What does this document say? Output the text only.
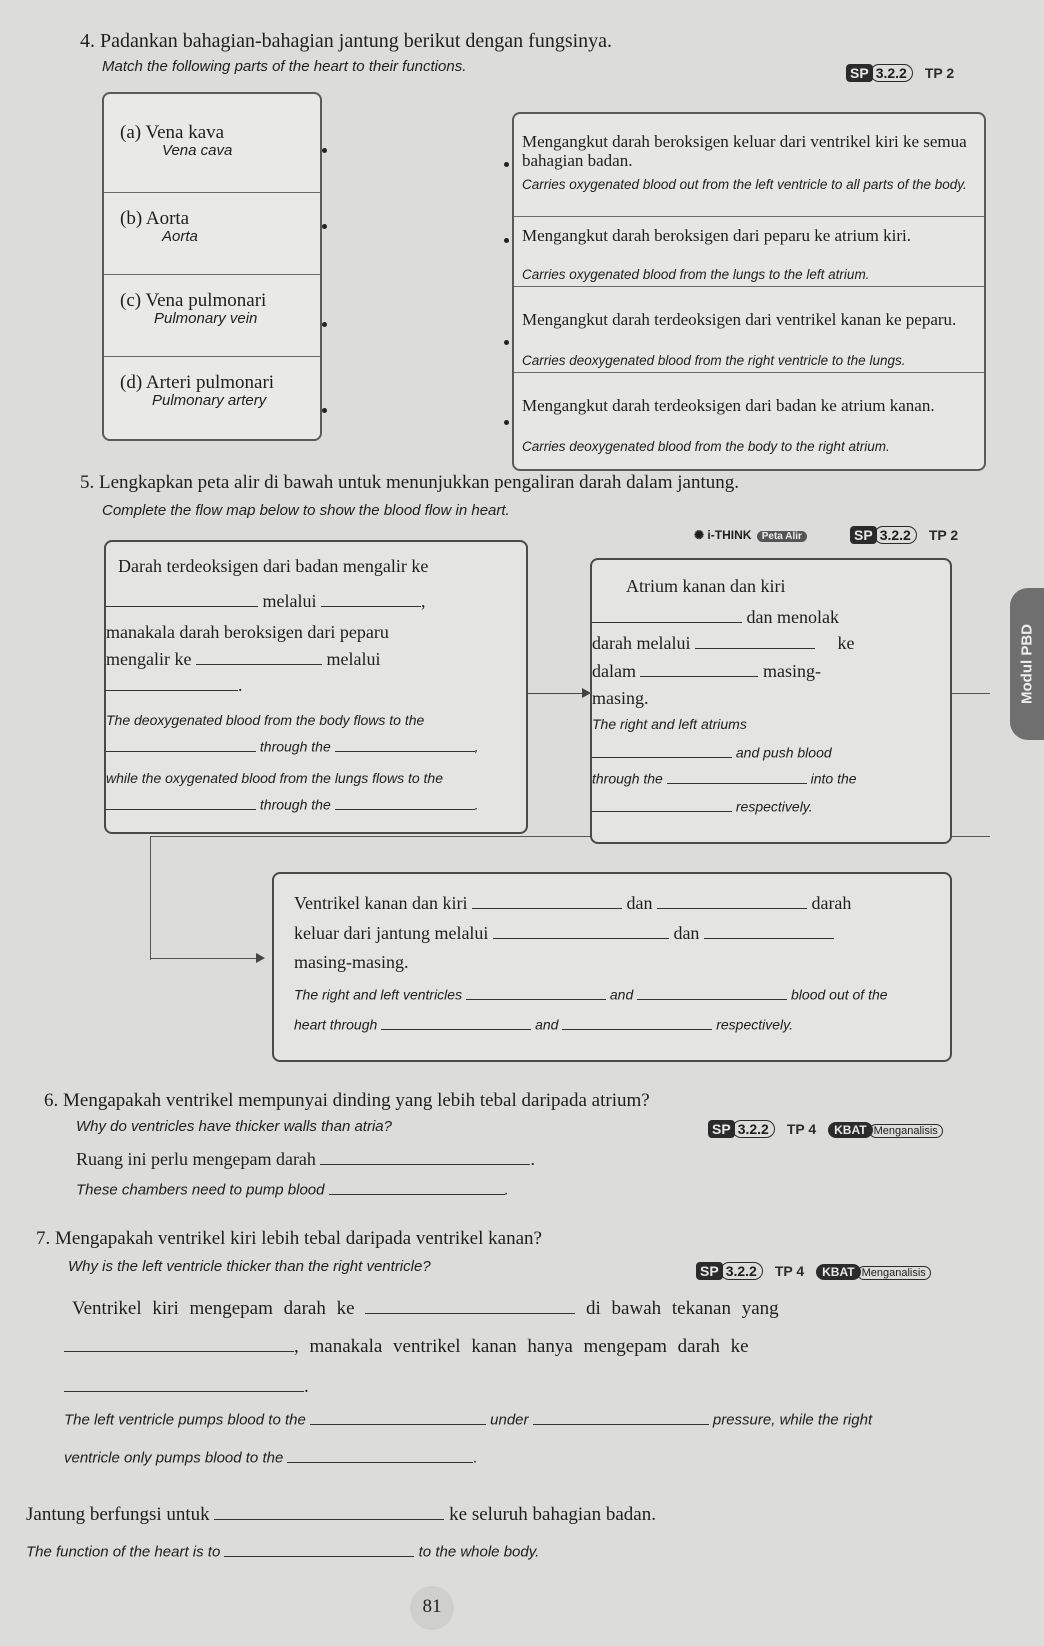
4. Padankan bahagian-bahagian jantung berikut dengan fungsinya.
Match the following parts of the heart to their functions.	SP 3.2.2 TP 2
(a) Vena kava
Vena cava
(b) Aorta
Aorta
(c) Vena pulmonari
Pulmonary vein
(d) Arteri pulmonari
Pulmonary artery
Mengangkut darah beroksigen keluar dari ventrikel kiri ke semua bahagian badan.
Carries oxygenated blood out from the left ventricle to all parts of the body.
Mengangkut darah beroksigen dari peparu ke atrium kiri.
Carries oxygenated blood from the lungs to the left atrium.
Mengangkut darah terdeoksigen dari ventrikel kanan ke peparu.
Carries deoxygenated blood from the right ventricle to the lungs.
Mengangkut darah terdeoksigen dari badan ke atrium kanan.
Carries deoxygenated blood from the body to the right atrium.
5. Lengkapkan peta alir di bawah untuk menunjukkan pengaliran darah dalam jantung.
Complete the flow map below to show the blood flow in heart.
✺ i-THINK Peta Alir	SP 3.2.2 TP 2
Darah terdeoksigen dari badan mengalir ke
melalui	,
manakala darah beroksigen dari peparu
mengalir ke	melalui
.
The deoxygenated blood from the body flows to the
through the	,
while the oxygenated blood from the lungs flows to the
through the	.
Atrium kanan dan kiri
dan menolak
darah melalui	ke
dalam	masing-
masing.
The right and left atriums
and push blood
through the	into the
respectively.
Ventrikel kanan dan kiri	dan	darah
keluar dari jantung melalui	dan
masing-masing.
The right and left ventricles	and	blood out of the
heart through	and	respectively.
Modul PBD
6. Mengapakah ventrikel mempunyai dinding yang lebih tebal daripada atrium?
Why do ventricles have thicker walls than atria?	SP 3.2.2 TP 4 KBAT Menganalisis
Ruang ini perlu mengepam darah	.
These chambers need to pump blood	.
7. Mengapakah ventrikel kiri lebih tebal daripada ventrikel kanan?
Why is the left ventricle thicker than the right ventricle?	SP 3.2.2 TP 4 KBAT Menganalisis
Ventrikel kiri mengepam darah ke	di bawah tekanan yang
, manakala ventrikel kanan hanya mengepam darah ke
.
The left ventricle pumps blood to the	under	pressure, while the right
ventricle only pumps blood to the	.
Jantung berfungsi untuk	ke seluruh bahagian badan.
The function of the heart is to	to the whole body.
81
